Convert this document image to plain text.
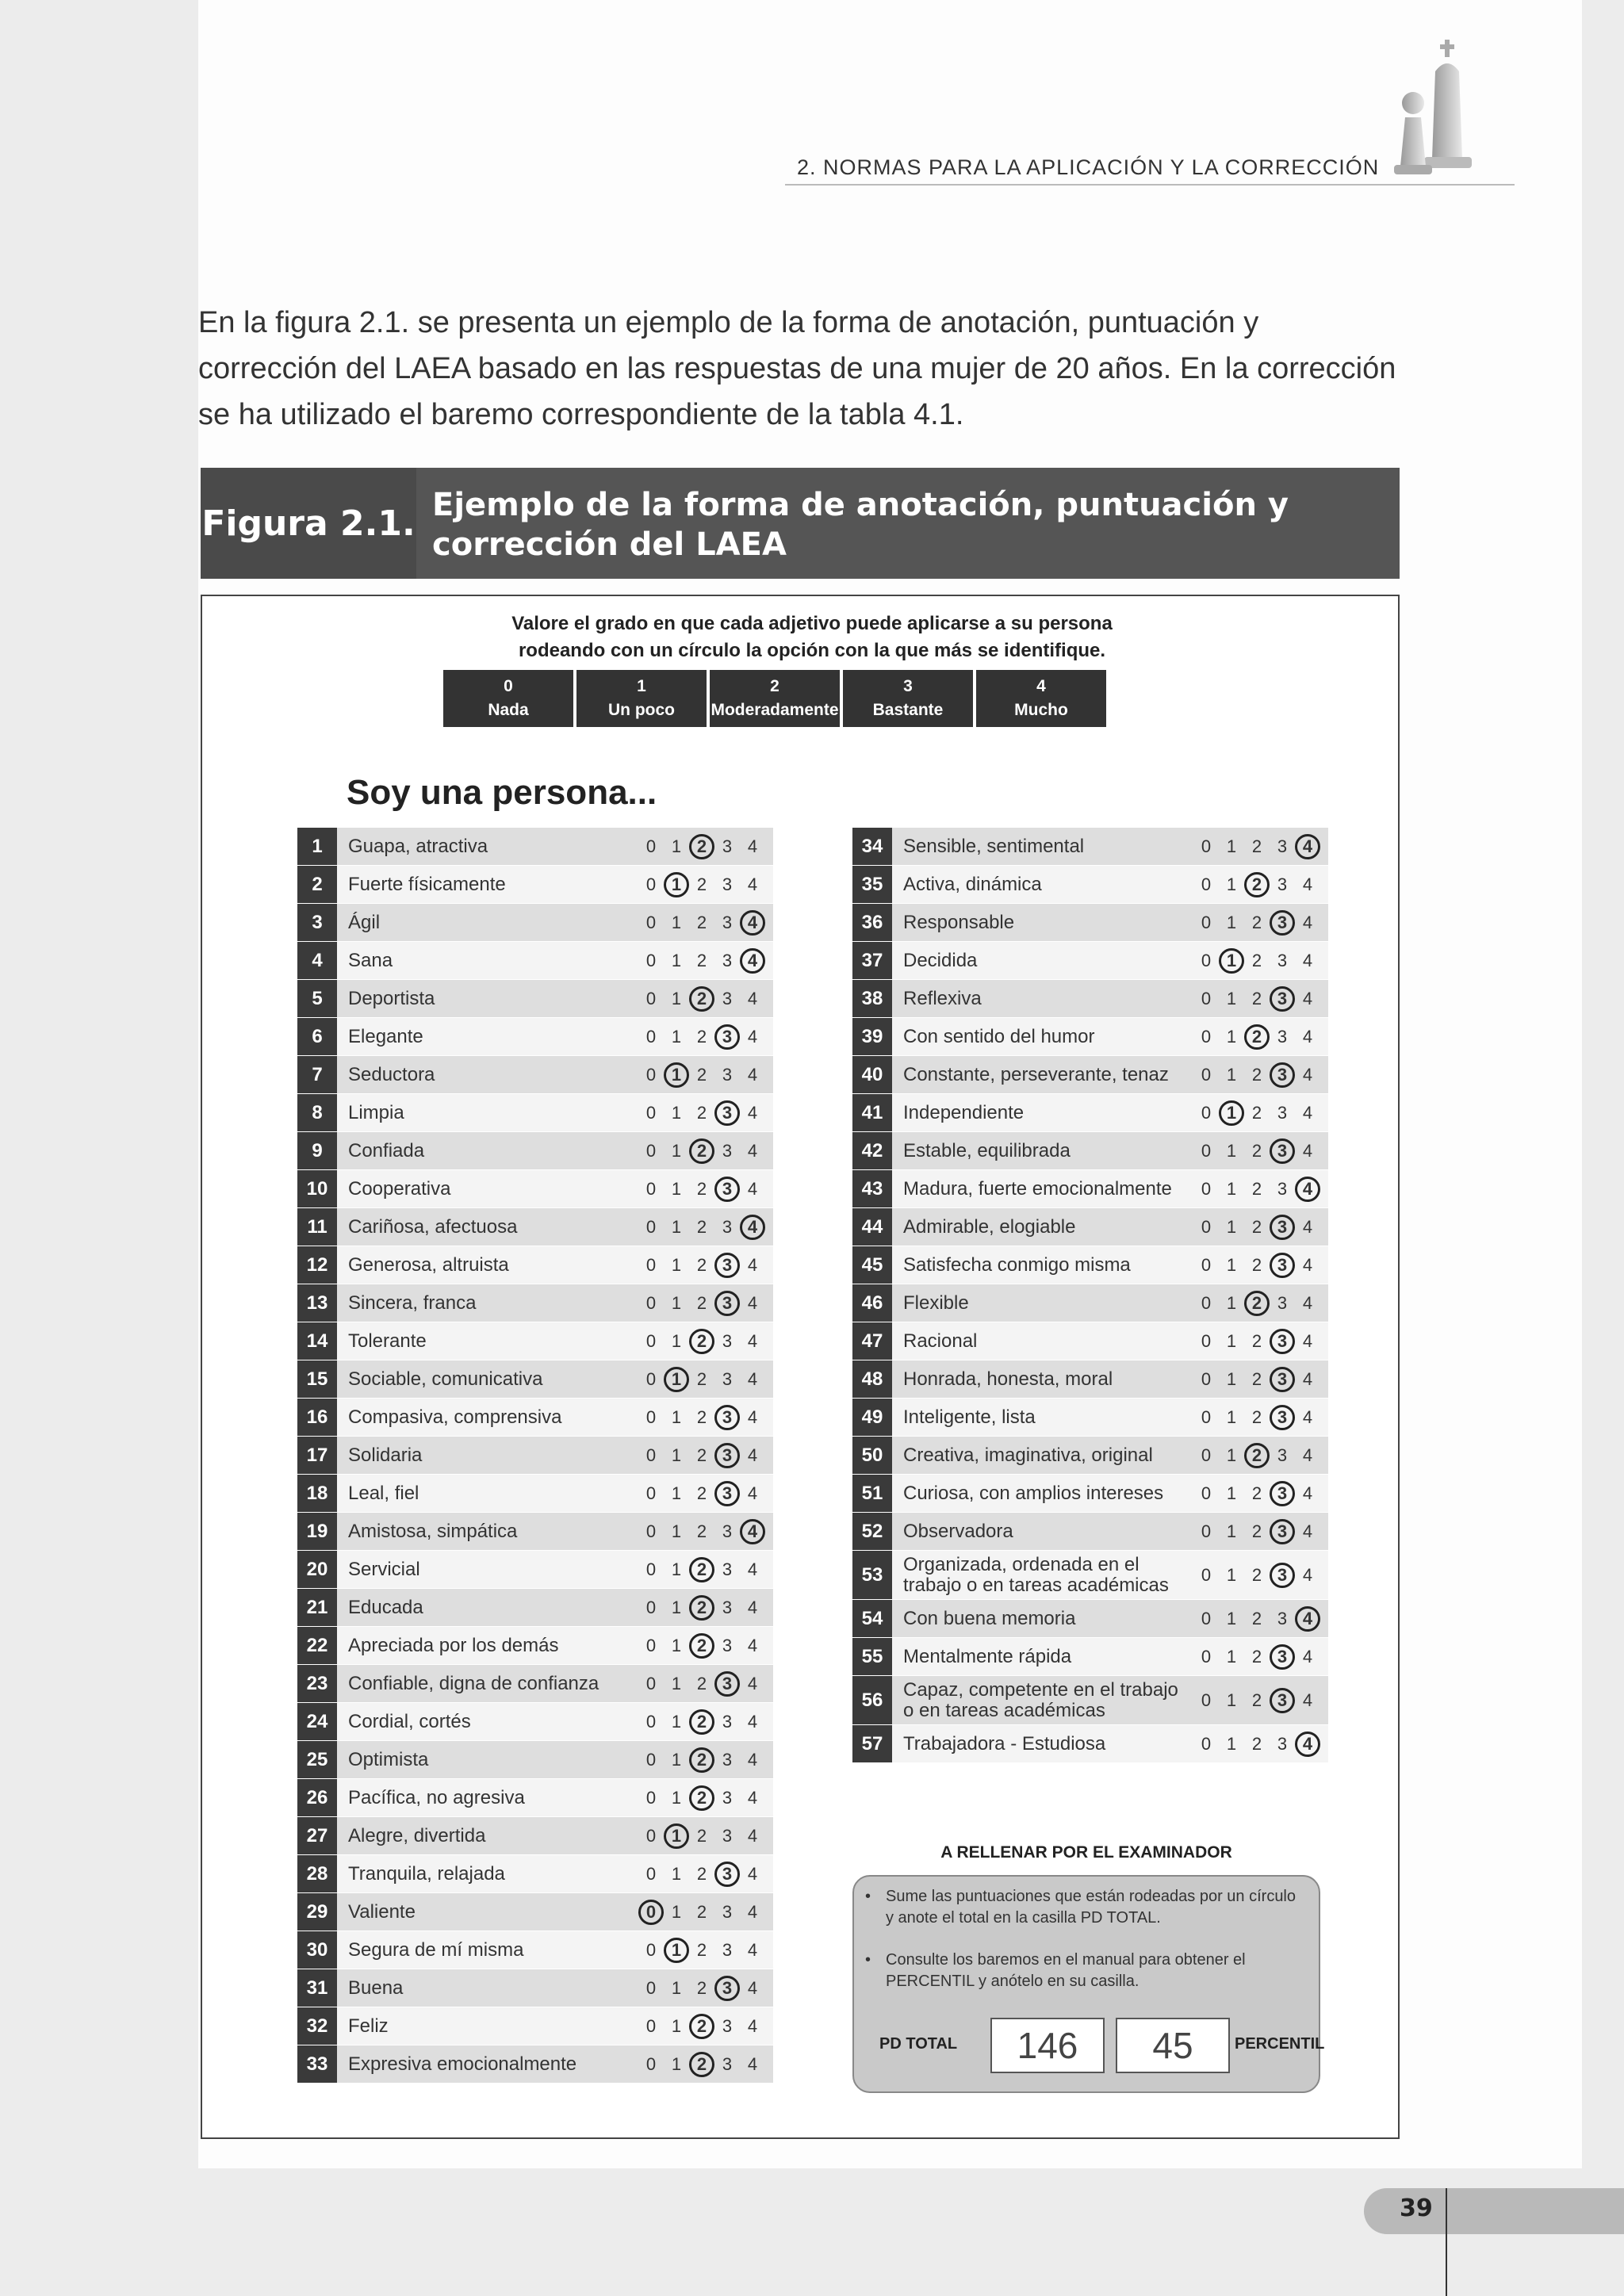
2. NORMAS PARA LA APLICACIÓN Y LA CORRECCIÓN
En la figura 2.1. se presenta un ejemplo de la forma de anotación, puntuación y corrección del LAEA basado en las respuestas de una mujer de 20 años. En la corrección se ha utilizado el baremo correspondiente de la tabla 4.1.
Figura 2.1. Ejemplo de la forma de anotación, puntuación y corrección del LAEA
Valore el grado en que cada adjetivo puede aplicarse a su persona
rodeando con un círculo la opción con la que más se identifique.
0
Nada
1
Un poco
2
Moderadamente
3
Bastante
4
Mucho
Soy una persona...
1	Guapa, atractiva	0 1 2 3 4
2	Fuerte físicamente	0 1 2 3 4
3	Ágil	0 1 2 3 4
4	Sana	0 1 2 3 4
5	Deportista	0 1 2 3 4
6	Elegante	0 1 2 3 4
7	Seductora	0 1 2 3 4
8	Limpia	0 1 2 3 4
9	Confiada	0 1 2 3 4
10	Cooperativa	0 1 2 3 4
11	Cariñosa, afectuosa	0 1 2 3 4
12	Generosa, altruista	0 1 2 3 4
13	Sincera, franca	0 1 2 3 4
14	Tolerante	0 1 2 3 4
15	Sociable, comunicativa	0 1 2 3 4
16	Compasiva, comprensiva	0 1 2 3 4
17	Solidaria	0 1 2 3 4
18	Leal, fiel	0 1 2 3 4
19	Amistosa, simpática	0 1 2 3 4
20	Servicial	0 1 2 3 4
21	Educada	0 1 2 3 4
22	Apreciada por los demás	0 1 2 3 4
23	Confiable, digna de confianza	0 1 2 3 4
24	Cordial, cortés	0 1 2 3 4
25	Optimista	0 1 2 3 4
26	Pacífica, no agresiva	0 1 2 3 4
27	Alegre, divertida	0 1 2 3 4
28	Tranquila, relajada	0 1 2 3 4
29	Valiente	0 1 2 3 4
30	Segura de mí misma	0 1 2 3 4
31	Buena	0 1 2 3 4
32	Feliz	0 1 2 3 4
33	Expresiva emocionalmente	0 1 2 3 4
34	Sensible, sentimental	0 1 2 3 4
35	Activa, dinámica	0 1 2 3 4
36	Responsable	0 1 2 3 4
37	Decidida	0 1 2 3 4
38	Reflexiva	0 1 2 3 4
39	Con sentido del humor	0 1 2 3 4
40	Constante, perseverante, tenaz	0 1 2 3 4
41	Independiente	0 1 2 3 4
42	Estable, equilibrada	0 1 2 3 4
43	Madura, fuerte emocionalmente	0 1 2 3 4
44	Admirable, elogiable	0 1 2 3 4
45	Satisfecha conmigo misma	0 1 2 3 4
46	Flexible	0 1 2 3 4
47	Racional	0 1 2 3 4
48	Honrada, honesta, moral	0 1 2 3 4
49	Inteligente, lista	0 1 2 3 4
50	Creativa, imaginativa, original	0 1 2 3 4
51	Curiosa, con amplios intereses	0 1 2 3 4
52	Observadora	0 1 2 3 4
53	Organizada, ordenada en el trabajo o en tareas académicas	0 1 2 3 4
54	Con buena memoria	0 1 2 3 4
55	Mentalmente rápida	0 1 2 3 4
56	Capaz, competente en el trabajo o en tareas académicas	0 1 2 3 4
57	Trabajadora - Estudiosa	0 1 2 3 4
A RELLENAR POR EL EXAMINADOR
• Sume las puntuaciones que están rodeadas por un círculo y anote el total en la casilla PD TOTAL.
• Consulte los baremos en el manual para obtener el PERCENTIL y anótelo en su casilla.
PD TOTAL	146	45	PERCENTIL
39
